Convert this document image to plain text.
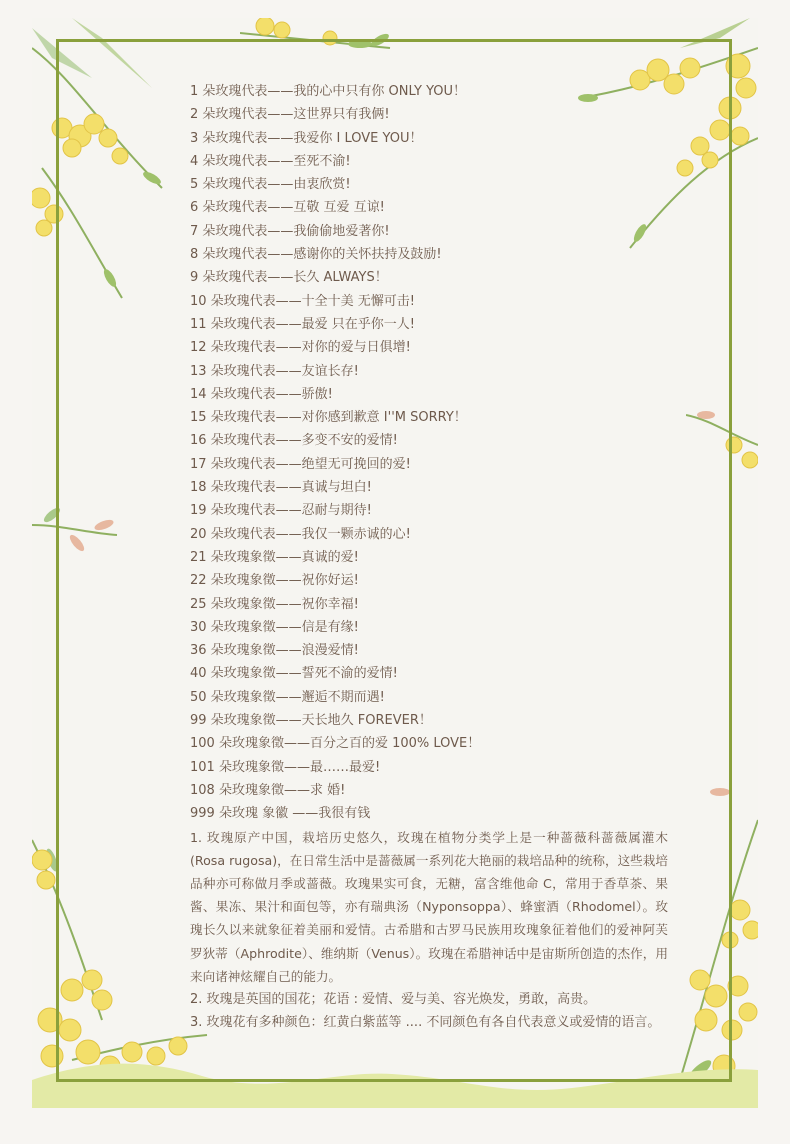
1 朵玫瑰代表——我的心中只有你 ONLY YOU！
2 朵玫瑰代表——这世界只有我俩!
3 朵玫瑰代表——我爱你 I LOVE YOU！
4 朵玫瑰代表——至死不渝!
5 朵玫瑰代表——由衷欣赏!
6 朵玫瑰代表——互敬 互爱 互谅!
7 朵玫瑰代表——我偷偷地爱著你!
8 朵玫瑰代表——感谢你的关怀扶持及鼓励!
9 朵玫瑰代表——长久 ALWAYS！
10 朵玫瑰代表——十全十美 无懈可击!
11 朵玫瑰代表——最爱 只在乎你一人!
12 朵玫瑰代表——对你的爱与日俱增!
13 朵玫瑰代表——友谊长存!
14 朵玫瑰代表——骄傲!
15 朵玫瑰代表——对你感到歉意 I''M SORRY！
16 朵玫瑰代表——多变不安的爱情!
17 朵玫瑰代表——绝望无可挽回的爱!
18 朵玫瑰代表——真诚与坦白!
19 朵玫瑰代表——忍耐与期待!
20 朵玫瑰代表——我仅一颗赤诚的心!
21 朵玫瑰象徵——真诚的爱!
22 朵玫瑰象徵——祝你好运!
25 朵玫瑰象徵——祝你幸福!
30 朵玫瑰象徵——信是有缘!
36 朵玫瑰象徵——浪漫爱情!
40 朵玫瑰象徵——誓死不渝的爱情!
50 朵玫瑰象徵——邂逅不期而遇!
99 朵玫瑰象徵——天长地久 FOREVER！
100 朵玫瑰象徵——百分之百的爱 100% LOVE！
101 朵玫瑰象徵——最……最爱!
108 朵玫瑰象徵——求 婚!
999 朵玫瑰 象徽 ——我很有钱

1. 玫瑰原产中国，栽培历史悠久，玫瑰在植物分类学上是一种蔷薇科蔷薇属灌木(Rosa rugosa)，在日常生活中是蔷薇属一系列花大艳丽的栽培品种的统称，这些栽培品种亦可称做月季或蔷薇。玫瑰果实可食，无糖，富含维他命 C，常用于香草茶、果酱、果冻、果汁和面包等，亦有瑞典汤（Nyponsoppa）、蜂蜜酒（Rhodomel）。玫瑰长久以来就象征着美丽和爱情。古希腊和古罗马民族用玫瑰象征着他们的爱神阿芙罗狄蒂（Aphrodite）、维纳斯（Venus）。玫瑰在希腊神话中是宙斯所创造的杰作，用来向诸神炫耀自己的能力。

2. 玫瑰是英国的国花；花语 : 爱情、爱与美、容光焕发，勇敢，高贵。

3. 玫瑰花有多种颜色：红黄白紫蓝等 .... 不同颜色有各自代表意义或爱情的语言。
